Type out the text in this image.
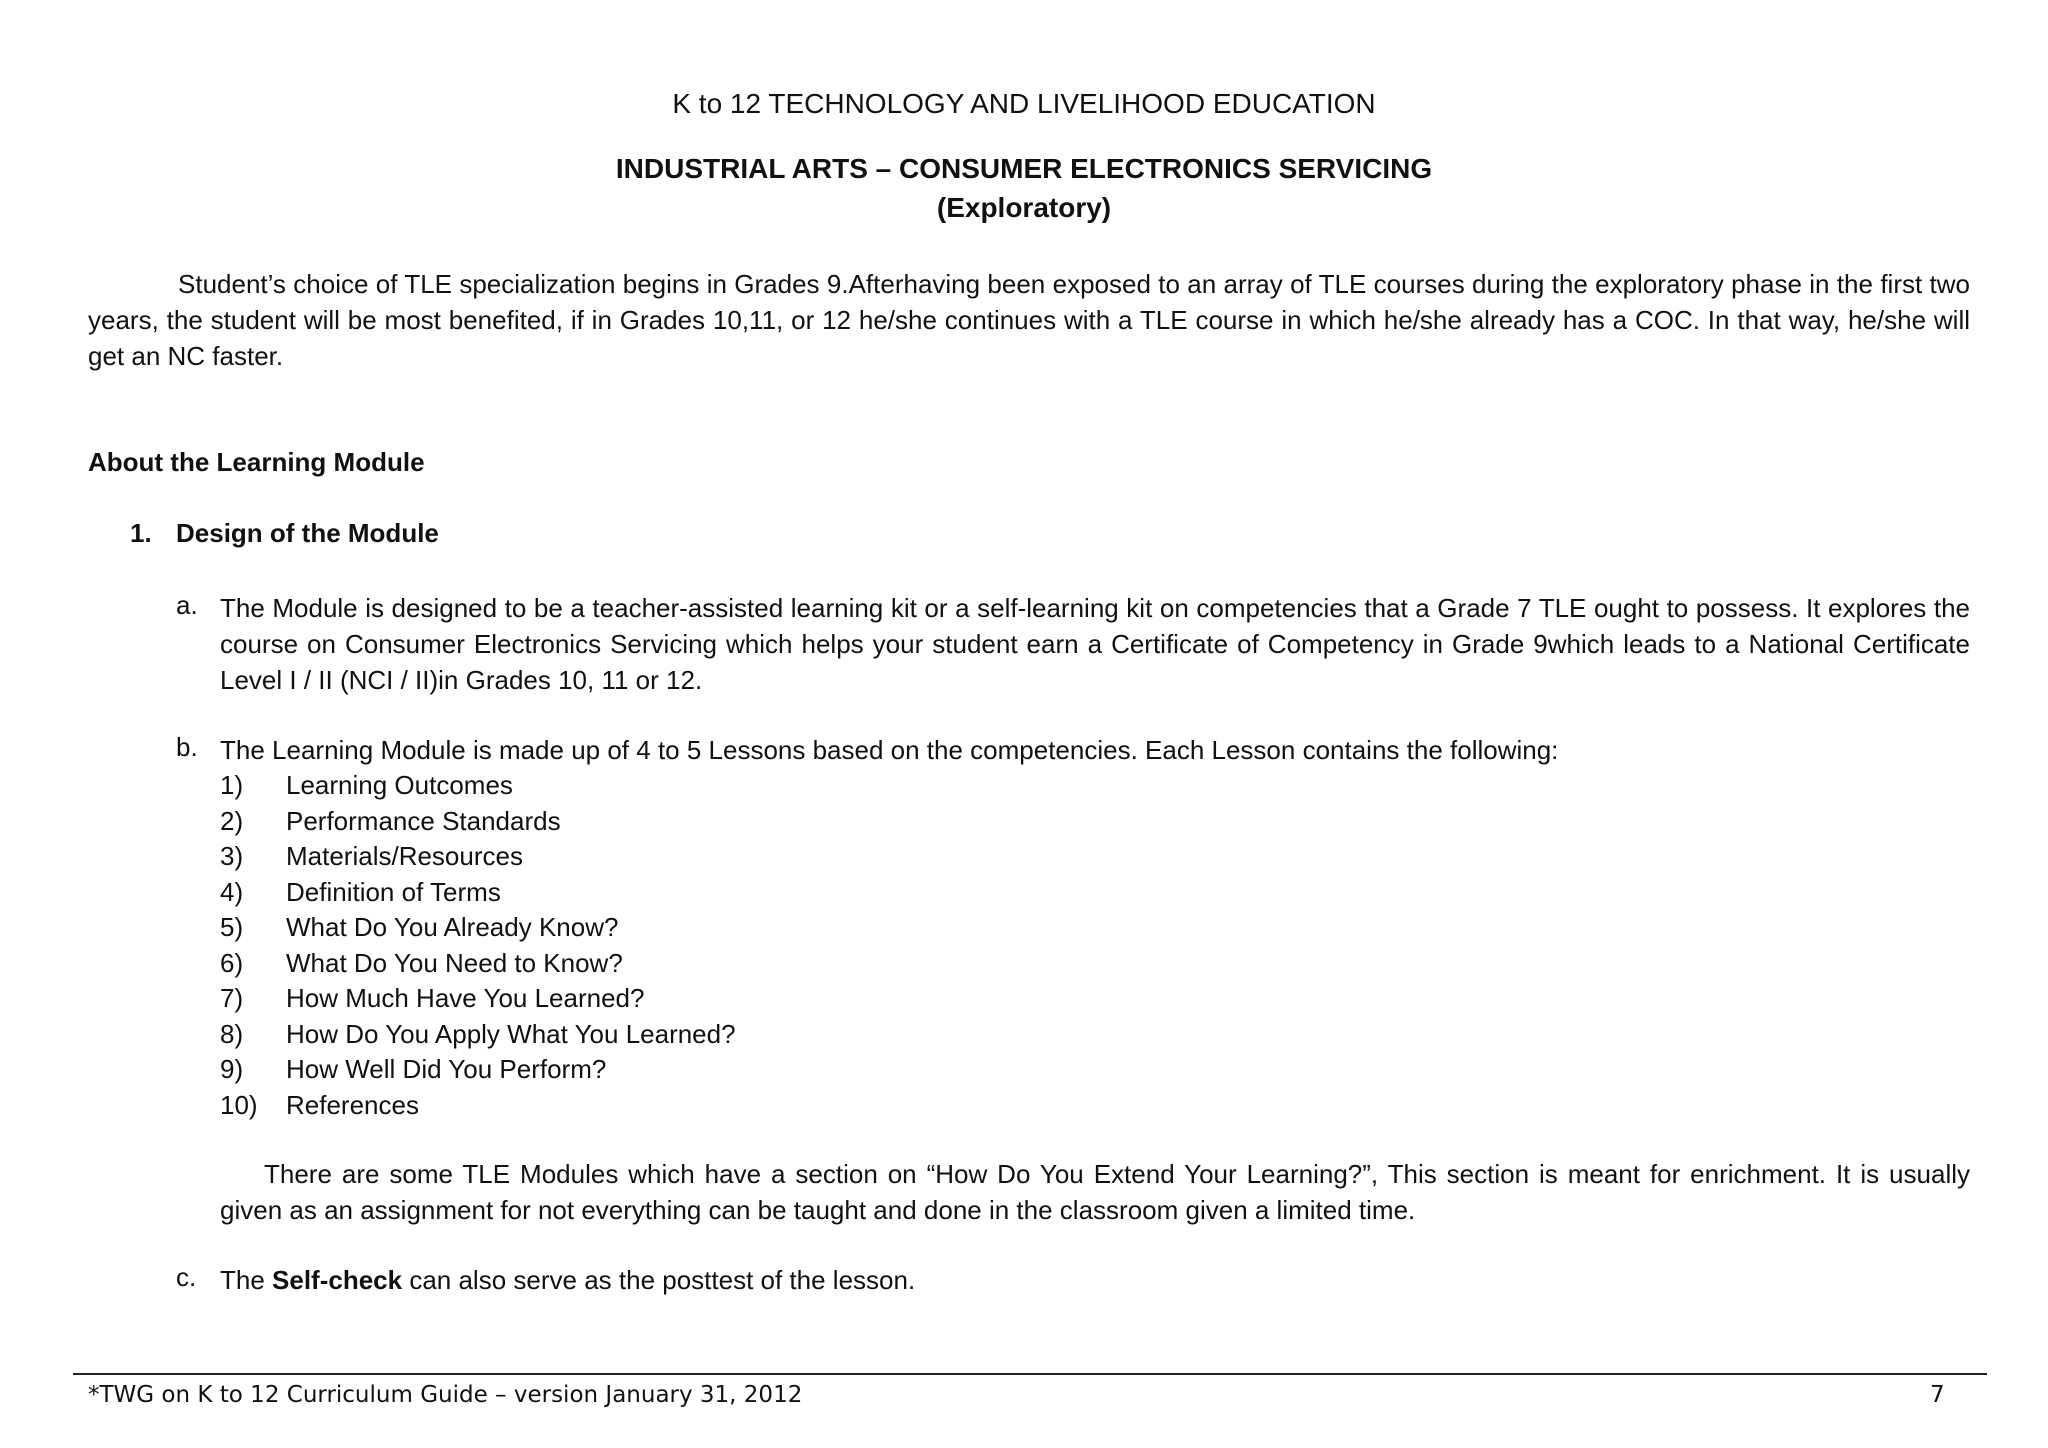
K to 12 TECHNOLOGY AND LIVELIHOOD EDUCATION
INDUSTRIAL ARTS – CONSUMER ELECTRONICS SERVICING
(Exploratory)
Student’s choice of TLE specialization begins in Grades 9.Afterhaving been exposed to an array of TLE courses during the exploratory phase in the first two years, the student will be most benefited, if in Grades 10,11, or 12 he/she continues with a TLE course in which he/she already has a COC. In that way, he/she will get an NC faster.
About the Learning Module
1. Design of the Module
a. The Module is designed to be a teacher-assisted learning kit or a self-learning kit on competencies that a Grade 7 TLE ought to possess. It explores the course on Consumer Electronics Servicing which helps your student earn a Certificate of Competency in Grade 9which leads to a National Certificate Level I / II (NCI / II)in Grades 10, 11 or 12.
b. The Learning Module is made up of 4 to 5 Lessons based on the competencies. Each Lesson contains the following:
1) Learning Outcomes
2) Performance Standards
3) Materials/Resources
4) Definition of Terms
5) What Do You Already Know?
6) What Do You Need to Know?
7) How Much Have You Learned?
8) How Do You Apply What You Learned?
9) How Well Did You Perform?
10) References
There are some TLE Modules which have a section on “How Do You Extend Your Learning?”, This section is meant for enrichment. It is usually given as an assignment for not everything can be taught and done in the classroom given a limited time.
c. The Self-check can also serve as the posttest of the lesson.
*TWG on K to 12 Curriculum Guide – version January 31, 2012	7
